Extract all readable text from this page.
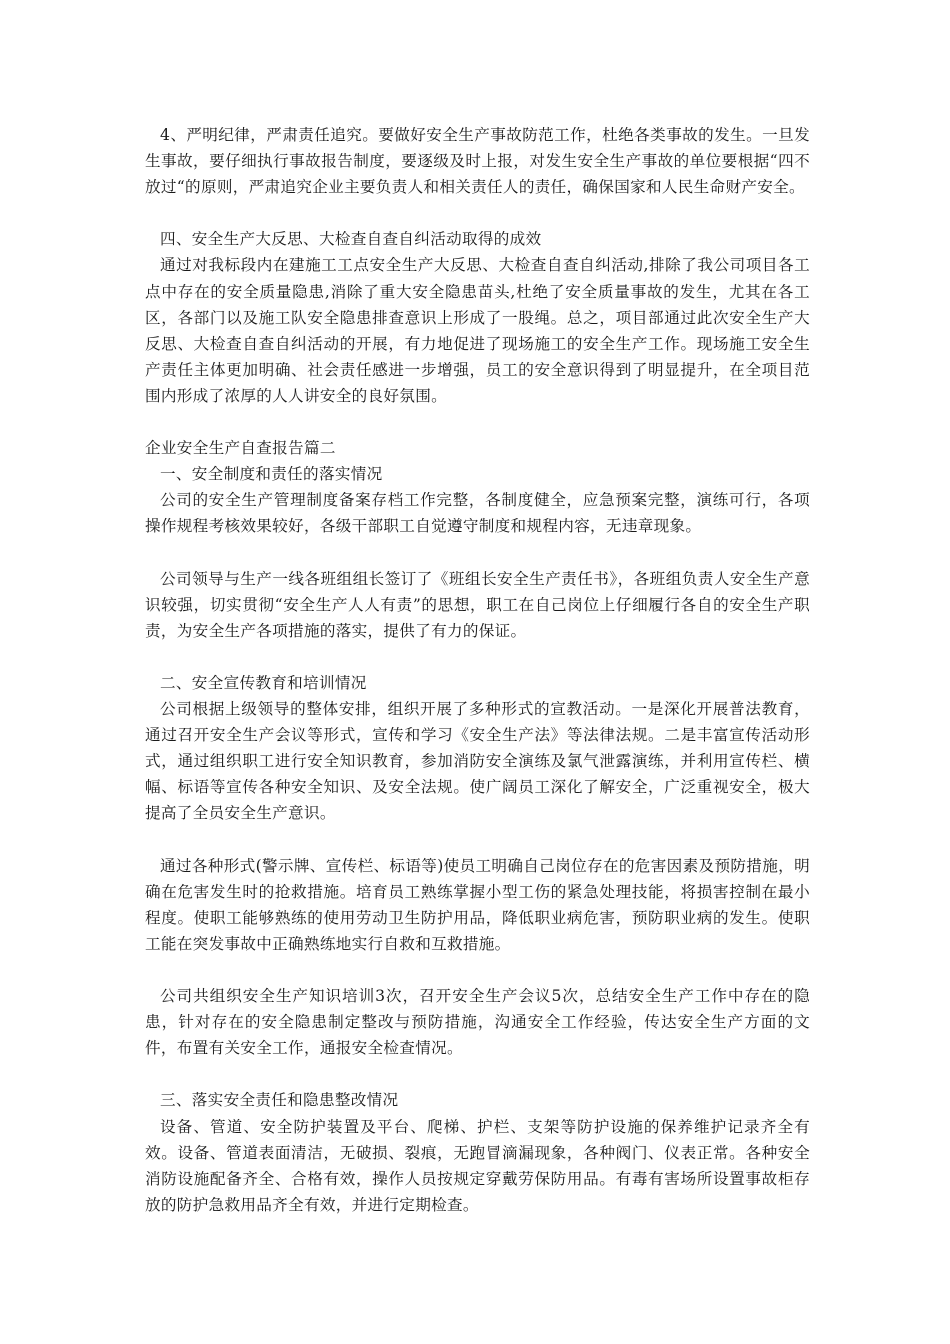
4、严明纪律，严肃责任追究。要做好安全生产事故防范工作，杜绝各类事故的发生。一旦发生事故，要仔细执行事故报告制度，要逐级及时上报，对发生安全生产事故的单位要根据“四不放过“的原则，严肃追究企业主要负责人和相关责任人的责任，确保国家和人民生命财产安全。

四、安全生产大反思、大检查自查自纠活动取得的成效

通过对我标段内在建施工工点安全生产大反思、大检查自查自纠活动,排除了我公司项目各工点中存在的安全质量隐患,消除了重大安全隐患苗头,杜绝了安全质量事故的发生，尤其在各工区，各部门以及施工队安全隐患排查意识上形成了一股绳。总之，项目部通过此次安全生产大反思、大检查自查自纠活动的开展，有力地促进了现场施工的安全生产工作。现场施工安全生产责任主体更加明确、社会责任感进一步增强，员工的安全意识得到了明显提升，在全项目范围内形成了浓厚的人人讲安全的良好氛围。

企业安全生产自查报告篇二

一、安全制度和责任的落实情况

公司的安全生产管理制度备案存档工作完整，各制度健全，应急预案完整，演练可行，各项操作规程考核效果较好，各级干部职工自觉遵守制度和规程内容，无违章现象。

公司领导与生产一线各班组组长签订了《班组长安全生产责任书》，各班组负责人安全生产意识较强，切实贯彻“安全生产人人有责”的思想，职工在自己岗位上仔细履行各自的安全生产职责，为安全生产各项措施的落实，提供了有力的保证。

二、安全宣传教育和培训情况

公司根据上级领导的整体安排，组织开展了多种形式的宣教活动。一是深化开展普法教育，通过召开安全生产会议等形式，宣传和学习《安全生产法》等法律法规。二是丰富宣传活动形式，通过组织职工进行安全知识教育，参加消防安全演练及氯气泄露演练，并利用宣传栏、横幅、标语等宣传各种安全知识、及安全法规。使广阔员工深化了解安全，广泛重视安全，极大提高了全员安全生产意识。

通过各种形式(警示牌、宣传栏、标语等)使员工明确自己岗位存在的危害因素及预防措施，明确在危害发生时的抢救措施。培育员工熟练掌握小型工伤的紧急处理技能，将损害控制在最小程度。使职工能够熟练的使用劳动卫生防护用品，降低职业病危害，预防职业病的发生。使职工能在突发事故中正确熟练地实行自救和互救措施。

公司共组织安全生产知识培训3次，召开安全生产会议5次，总结安全生产工作中存在的隐患，针对存在的安全隐患制定整改与预防措施，沟通安全工作经验，传达安全生产方面的文件，布置有关安全工作，通报安全检查情况。

三、落实安全责任和隐患整改情况

设备、管道、安全防护装置及平台、爬梯、护栏、支架等防护设施的保养维护记录齐全有效。设备、管道表面清洁，无破损、裂痕，无跑冒滴漏现象，各种阀门、仪表正常。各种安全消防设施配备齐全、合格有效，操作人员按规定穿戴劳保防用品。有毒有害场所设置事故柜存放的防护急救用品齐全有效，并进行定期检查。
